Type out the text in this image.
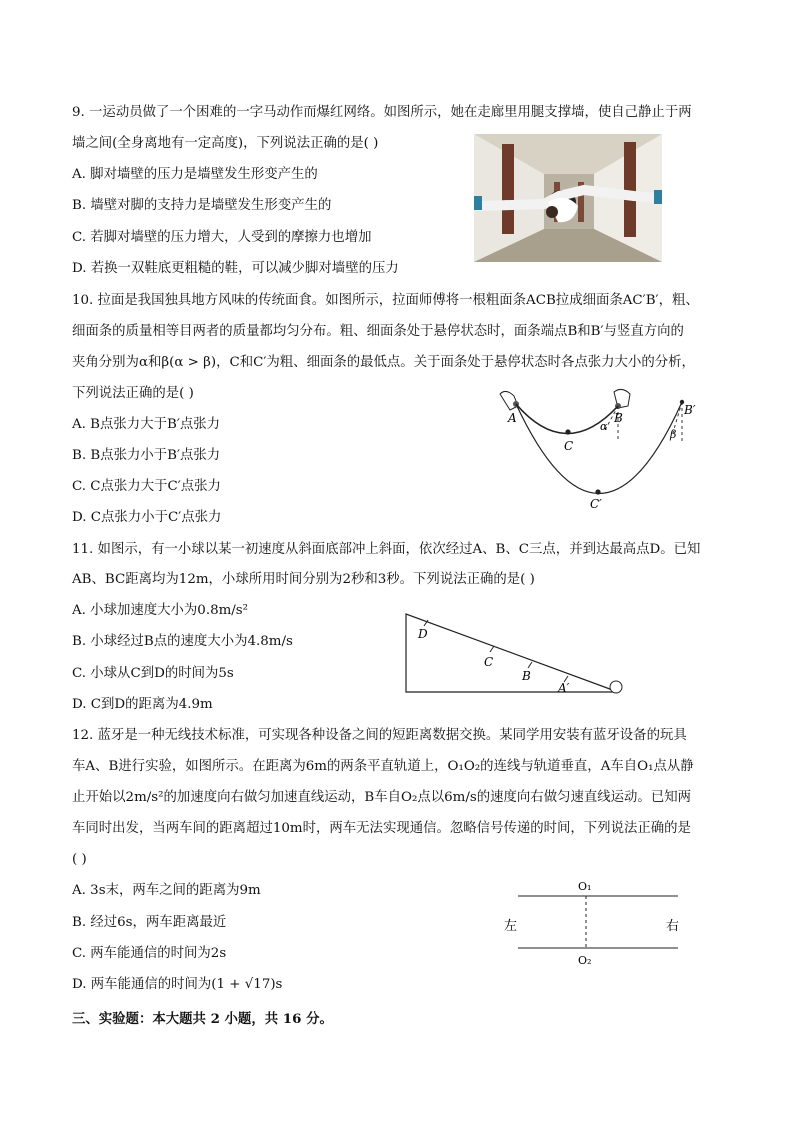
9. 一运动员做了一个困难的一字马动作而爆红网络。如图所示，她在走廊里用腿支撑墙，使自己静止于两
墙之间(全身离地有一定高度)，下列说法正确的是( )
A. 脚对墙壁的压力是墙壁发生形变产生的
B. 墙壁对脚的支持力是墙壁发生形变产生的
C. 若脚对墙壁的压力增大，人受到的摩擦力也增加
D. 若换一双鞋底更粗糙的鞋，可以减少脚对墙壁的压力
10. 拉面是我国独具地方风味的传统面食。如图所示，拉面师傅将一根粗面条ACB拉成细面条AC′B′，粗、
细面条的质量相等目两者的质量都均匀分布。粗、细面条处于悬停状态时，面条端点B和B′与竖直方向的
夹角分别为α和β(α > β)，C和C′为粗、细面条的最低点。关于面条处于悬停状态时各点张力大小的分析，
下列说法正确的是( )
A. B点张力大于B′点张力
B. B点张力小于B′点张力
C. C点张力大于C′点张力
D. C点张力小于C′点张力
A
C
B
α
B′
β
C′
11. 如图示，有一小球以某一初速度从斜面底部冲上斜面，依次经过A、B、C三点，并到达最高点D。已知
AB、BC距离均为12m，小球所用时间分别为2秒和3秒。下列说法正确的是( )
A. 小球加速度大小为0.8m/s²
B. 小球经过B点的速度大小为4.8m/s
C. 小球从C到D的时间为5s
D. C到D的距离为4.9m
D
C
B
A′
12. 蓝牙是一种无线技术标准，可实现各种设备之间的短距离数据交换。某同学用安装有蓝牙设备的玩具
车A、B进行实验，如图所示。在距离为6m的两条平直轨道上，O₁O₂的连线与轨道垂直，A车自O₁点从静
止开始以2m/s²的加速度向右做匀加速直线运动，B车自O₂点以6m/s的速度向右做匀速直线运动。已知两
车同时出发，当两车间的距离超过10m时，两车无法实现通信。忽略信号传递的时间，下列说法正确的是
( )
A. 3s末，两车之间的距离为9m
B. 经过6s，两车距离最近
C. 两车能通信的时间为2s
D. 两车能通信的时间为(1 + √17)s
O₁
O₂
左	右
三、实验题：本大题共 2 小题，共 16 分。
